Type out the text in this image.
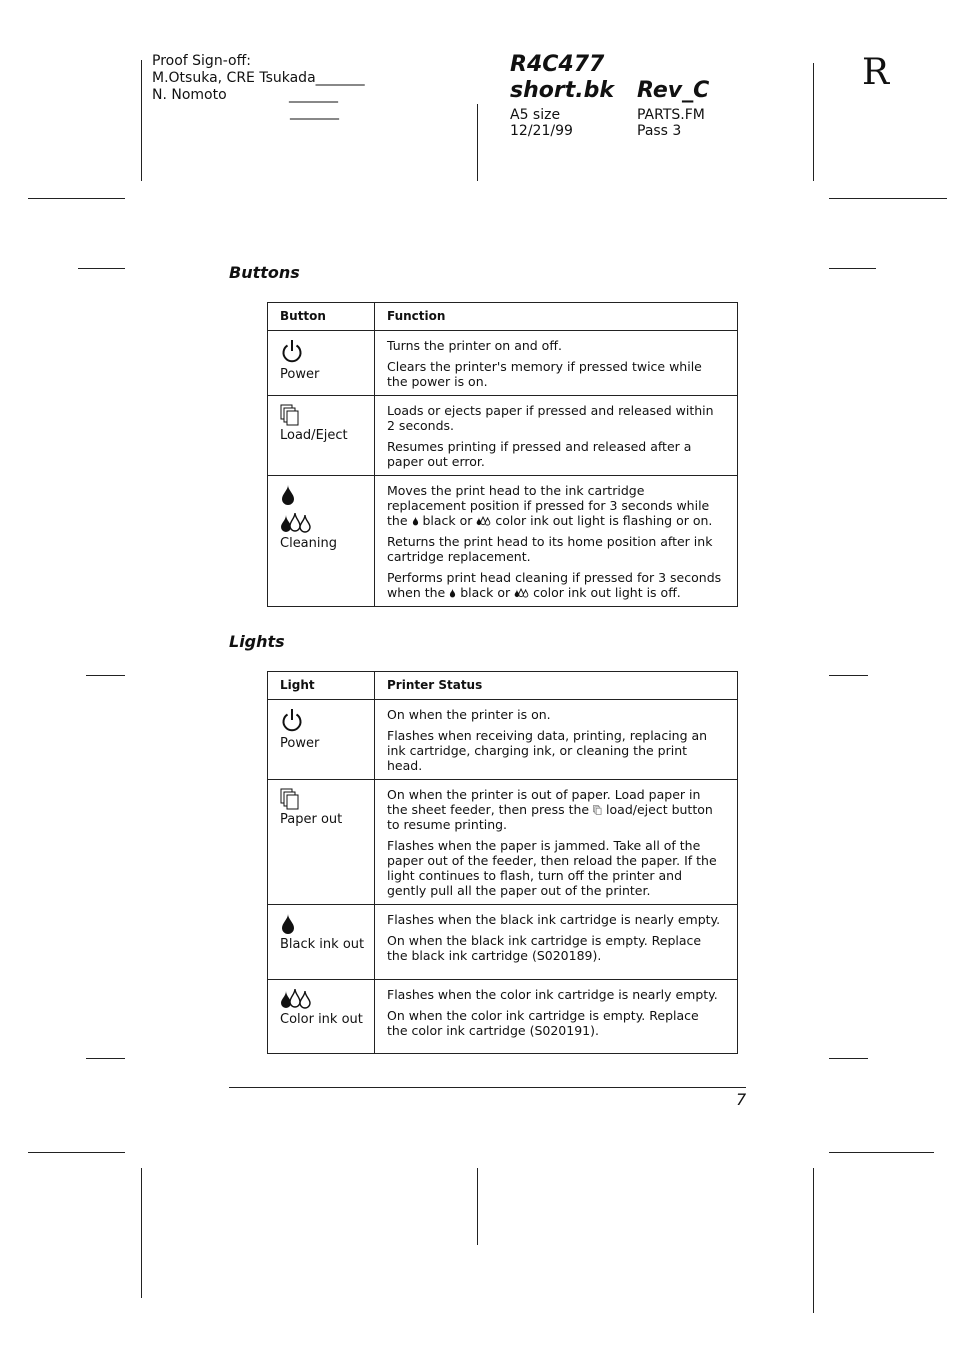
Proof Sign-off:
M.Otsuka, CRE Tsukada_______
N. Nomoto              _______
_______
R4C477
short.bk Rev_C
A5 size
12/21/99
PARTS.FM
Pass 3
R
Buttons
Button	Function

Power	Turns the printer on and off.
Clears the printer's memory if pressed twice while the power is on.

Load/Eject	Loads or ejects paper if pressed and released within 2 seconds.
Resumes printing if pressed and released after a paper out error.

Cleaning	Moves the print head to the ink cartridge replacement position if pressed for 3 seconds while the  black or  color ink out light is flashing or on.
Returns the print head to its home position after ink cartridge replacement.
Performs print head cleaning if pressed for 3 seconds when the  black or  color ink out light is off.
Lights
Light	Printer Status

Power	On when the printer is on.
Flashes when receiving data, printing, replacing an ink cartridge, charging ink, or cleaning the print head.

Paper out	On when the printer is out of paper. Load paper in the sheet feeder, then press the  load/eject button to resume printing.
Flashes when the paper is jammed. Take all of the paper out of the feeder, then reload the paper. If the light continues to flash, turn off the printer and gently pull all the paper out of the printer.

Black ink out	Flashes when the black ink cartridge is nearly empty.
On when the black ink cartridge is empty. Replace the black ink cartridge (S020189).

Color ink out	Flashes when the color ink cartridge is nearly empty.
On when the color ink cartridge is empty. Replace the color ink cartridge (S020191).
7
